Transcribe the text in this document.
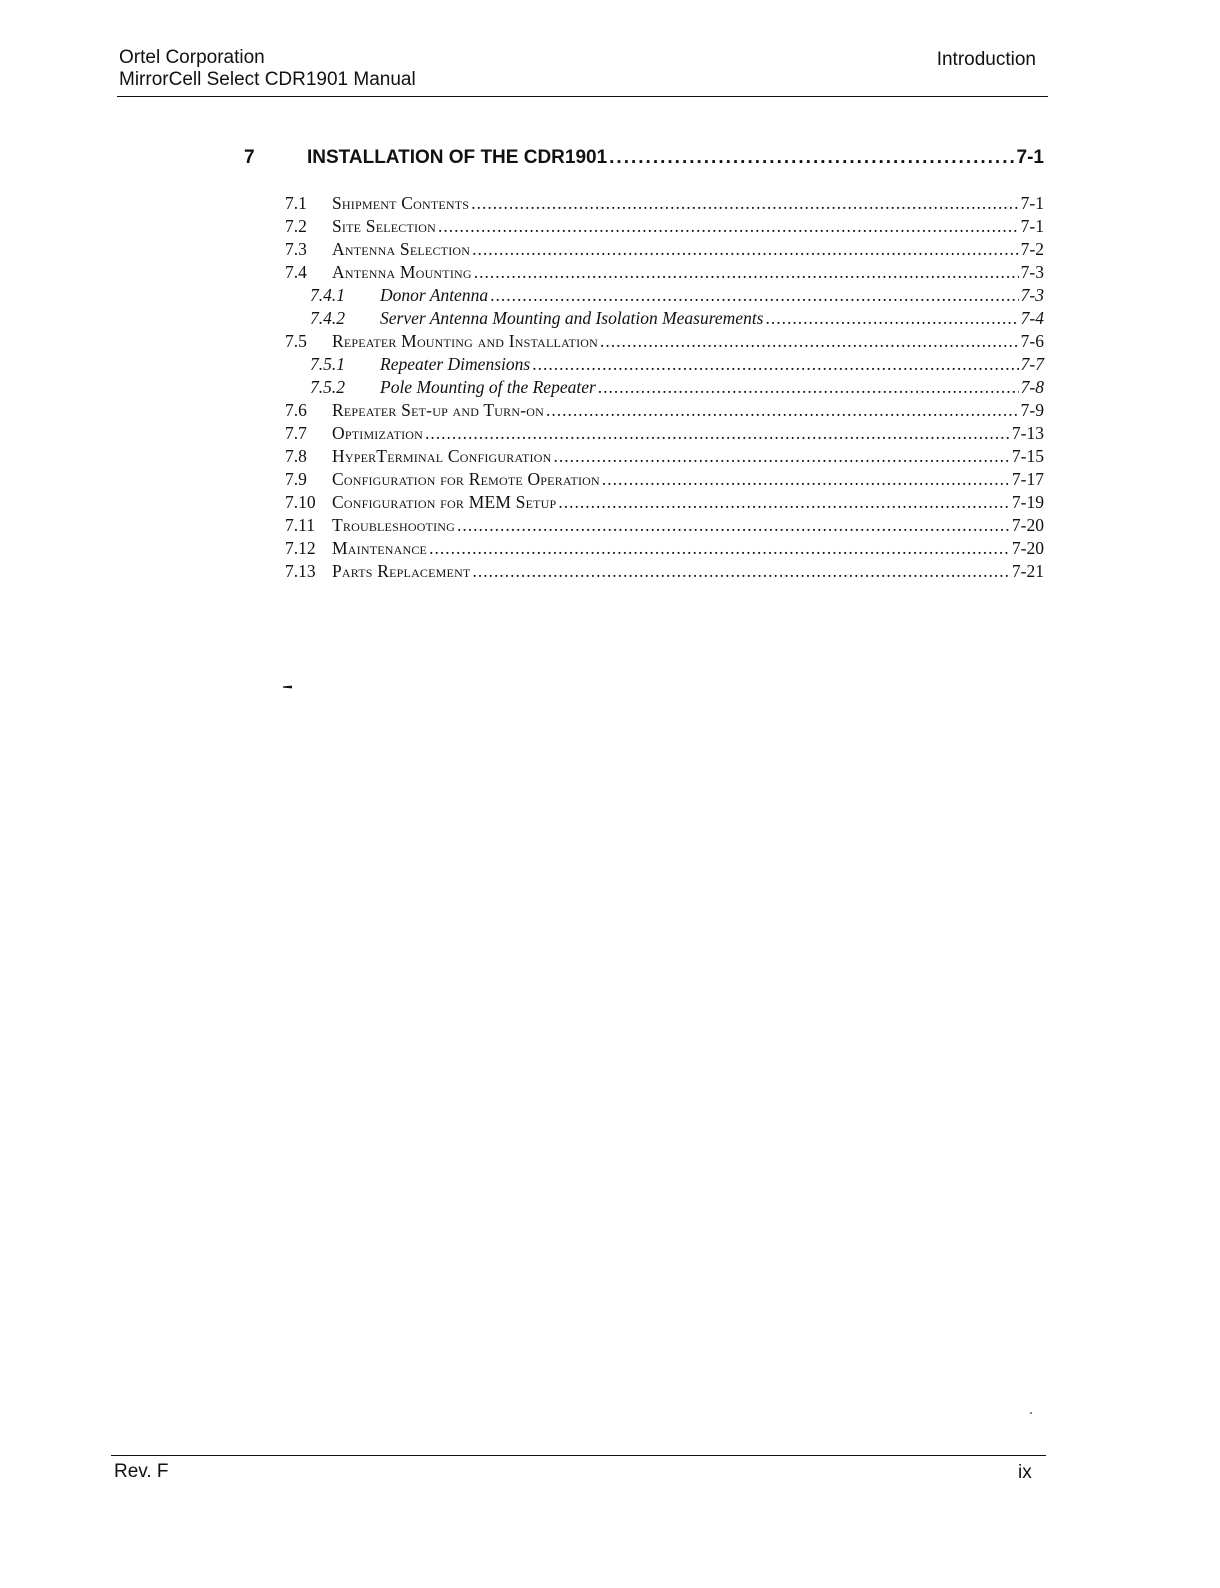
Ortel Corporation
MirrorCell Select CDR1901 Manual
Introduction
7	INSTALLATION OF THE CDR1901 .....	7-1
7.1 Shipment Contents .....	7-1
7.2 Site Selection .....	7-1
7.3 Antenna Selection .....	7-2
7.4 Antenna Mounting .....	7-3
7.4.1 Donor Antenna .....	7-3
7.4.2 Server Antenna Mounting and Isolation Measurements .....	7-4
7.5 Repeater Mounting and Installation .....	7-6
7.5.1 Repeater Dimensions .....	7-7
7.5.2 Pole Mounting of the Repeater .....	7-8
7.6 Repeater Set-up and Turn-on .....	7-9
7.7 Optimization .....	7-13
7.8 HyperTerminal Configuration .....	7-15
7.9 Configuration for Remote Operation .....	7-17
7.10 Configuration for MEM Setup .....	7-19
7.11 Troubleshooting .....	7-20
7.12 Maintenance .....	7-20
7.13 Parts Replacement .....	7-21
Rev. F	ix
